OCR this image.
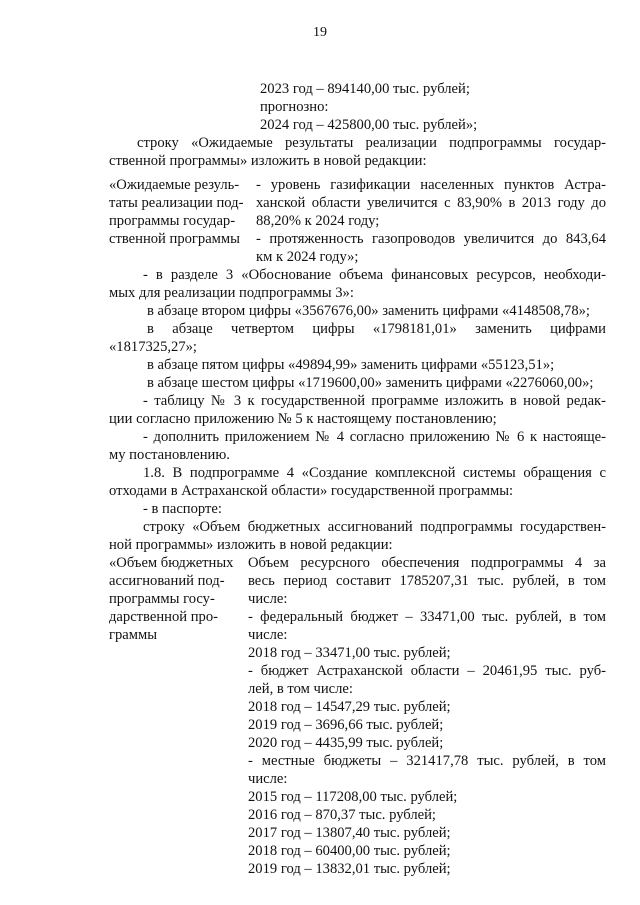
19
2023 год – 894140,00 тыс. рублей;
прогнозно:
2024 год – 425800,00 тыс. рублей»;
строку «Ожидаемые результаты реализации подпрограммы государ-
ственной программы» изложить в новой редакции:
«Ожидаемые резуль-
таты реализации под-
программы государ-
ственной программы
- уровень газификации населенных пунктов Астра-
ханской области увеличится с 83,90% в 2013 году до
88,20% к 2024 году;
- протяженность газопроводов увеличится до 843,64
км к 2024 году»;
- в разделе 3 «Обоснование объема финансовых ресурсов, необходи-
мых для реализации подпрограммы 3»:
в абзаце втором цифры «3567676,00» заменить цифрами «4148508,78»;
в абзаце четвертом цифры «1798181,01» заменить цифрами
«1817325,27»;
в абзаце пятом цифры «49894,99» заменить цифрами «55123,51»;
в абзаце шестом цифры «1719600,00» заменить цифрами «2276060,00»;
- таблицу № 3 к государственной программе изложить в новой редак-
ции согласно приложению № 5 к настоящему постановлению;
- дополнить приложением № 4 согласно приложению № 6 к настояще-
му постановлению.
1.8. В подпрограмме 4 «Создание комплексной системы обращения с
отходами в Астраханской области» государственной программы:
- в паспорте:
строку «Объем бюджетных ассигнований подпрограммы государствен-
ной программы» изложить в новой редакции:
«Объем бюджетных
ассигнований под-
программы госу-
дарственной про-
граммы
Объем ресурсного обеспечения подпрограммы 4 за
весь период составит 1785207,31 тыс. рублей, в том
числе:
- федеральный бюджет – 33471,00 тыс. рублей, в том
числе:
2018 год – 33471,00 тыс. рублей;
- бюджет Астраханской области – 20461,95 тыс. руб-
лей, в том числе:
2018 год – 14547,29 тыс. рублей;
2019 год – 3696,66 тыс. рублей;
2020 год – 4435,99 тыс. рублей;
- местные бюджеты – 321417,78 тыс. рублей, в том
числе:
2015 год – 117208,00 тыс. рублей;
2016 год – 870,37 тыс. рублей;
2017 год – 13807,40 тыс. рублей;
2018 год – 60400,00 тыс. рублей;
2019 год – 13832,01 тыс. рублей;
